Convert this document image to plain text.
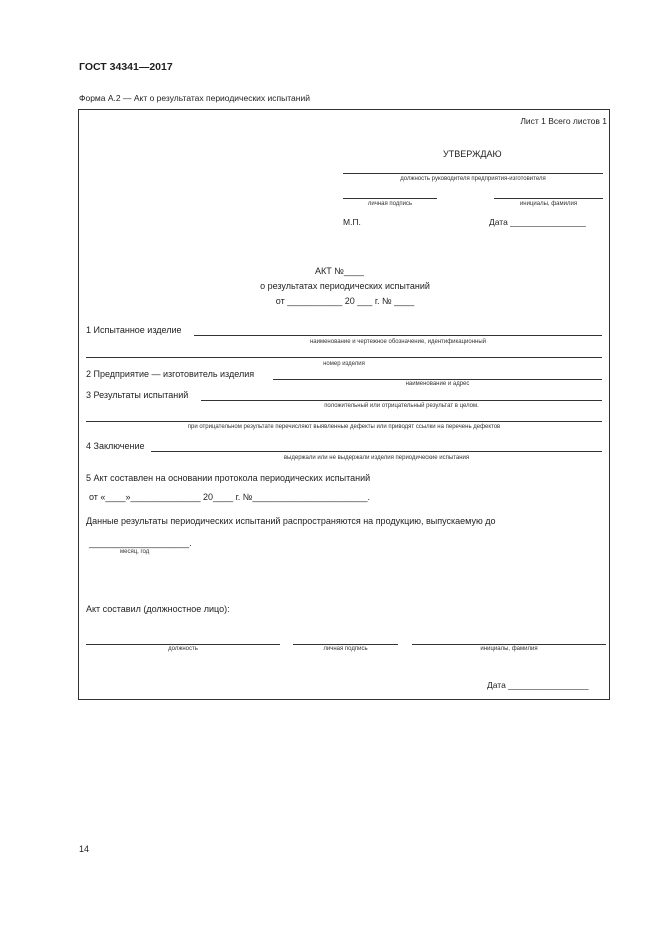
ГОСТ 34341—2017
Форма А.2 — Акт о результатах периодических испытаний
Лист 1 Всего листов 1
УТВЕРЖДАЮ
должность руководителя предприятия-изготовителя
личная подпись	инициалы, фамилия
М.П.	Дата ________________
АКТ №____
о результатах периодических испытаний
от ___________ 20 ___ г. № ____
1 Испытанное изделие
наименование и чертежное обозначение, идентификационный
номер изделия
2 Предприятие — изготовитель изделия
наименование и адрес
3 Результаты испытаний
положительный или отрицательный результат в целом.
при отрицательном результате перечисляют выявленные дефекты или приводят ссылки на перечень дефектов
4 Заключение
выдержали или не выдержали изделия периодические испытания
5 Акт составлен на основании протокола периодических испытаний
от «____»______________ 20____ г. №_______________________.
Данные результаты периодических испытаний распространяются на продукцию, выпускаемую до
____________________.
месяц, год
Акт составил (должностное лицо):
должность	личная подпись	инициалы, фамилия
Дата _________________
14
